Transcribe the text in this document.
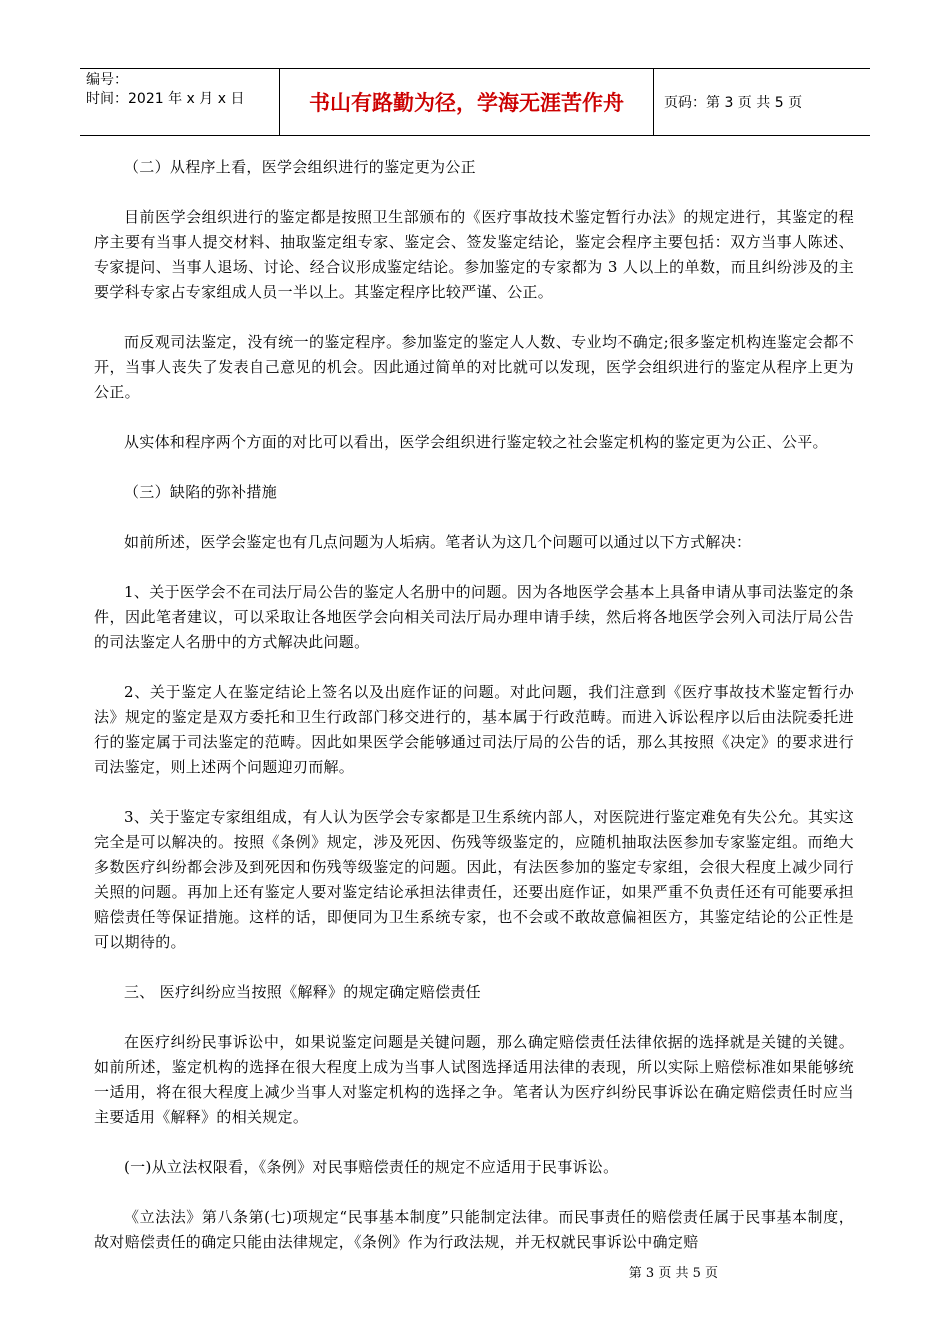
编号：
时间：2021 年 x 月 x 日	书山有路勤为径，学海无涯苦作舟	页码：第 3 页 共 5 页

（二）从程序上看，医学会组织进行的鉴定更为公正

目前医学会组织进行的鉴定都是按照卫生部颁布的《医疗事故技术鉴定暂行办法》的规定进行，其鉴定的程序主要有当事人提交材料、抽取鉴定组专家、鉴定会、签发鉴定结论，鉴定会程序主要包括：双方当事人陈述、专家提问、当事人退场、讨论、经合议形成鉴定结论。参加鉴定的专家都为 3 人以上的单数，而且纠纷涉及的主要学科专家占专家组成人员一半以上。其鉴定程序比较严谨、公正。

而反观司法鉴定，没有统一的鉴定程序。参加鉴定的鉴定人人数、专业均不确定;很多鉴定机构连鉴定会都不开，当事人丧失了发表自己意见的机会。因此通过简单的对比就可以发现，医学会组织进行的鉴定从程序上更为公正。

从实体和程序两个方面的对比可以看出，医学会组织进行鉴定较之社会鉴定机构的鉴定更为公正、公平。

（三）缺陷的弥补措施

如前所述，医学会鉴定也有几点问题为人垢病。笔者认为这几个问题可以通过以下方式解决：

1、关于医学会不在司法厅局公告的鉴定人名册中的问题。因为各地医学会基本上具备申请从事司法鉴定的条件，因此笔者建议，可以采取让各地医学会向相关司法厅局办理申请手续，然后将各地医学会列入司法厅局公告的司法鉴定人名册中的方式解决此问题。

2、关于鉴定人在鉴定结论上签名以及出庭作证的问题。对此问题，我们注意到《医疗事故技术鉴定暂行办法》规定的鉴定是双方委托和卫生行政部门移交进行的，基本属于行政范畴。而进入诉讼程序以后由法院委托进行的鉴定属于司法鉴定的范畴。因此如果医学会能够通过司法厅局的公告的话，那么其按照《决定》的要求进行司法鉴定，则上述两个问题迎刃而解。

3、关于鉴定专家组组成，有人认为医学会专家都是卫生系统内部人，对医院进行鉴定难免有失公允。其实这完全是可以解决的。按照《条例》规定，涉及死因、伤残等级鉴定的，应随机抽取法医参加专家鉴定组。而绝大多数医疗纠纷都会涉及到死因和伤残等级鉴定的问题。因此，有法医参加的鉴定专家组，会很大程度上减少同行关照的问题。再加上还有鉴定人要对鉴定结论承担法律责任，还要出庭作证，如果严重不负责任还有可能要承担赔偿责任等保证措施。这样的话，即便同为卫生系统专家，也不会或不敢故意偏袒医方，其鉴定结论的公正性是可以期待的。

三、 医疗纠纷应当按照《解释》的规定确定赔偿责任

在医疗纠纷民事诉讼中，如果说鉴定问题是关键问题，那么确定赔偿责任法律依据的选择就是关键的关键。如前所述，鉴定机构的选择在很大程度上成为当事人试图选择适用法律的表现，所以实际上赔偿标准如果能够统一适用，将在很大程度上减少当事人对鉴定机构的选择之争。笔者认为医疗纠纷民事诉讼在确定赔偿责任时应当主要适用《解释》的相关规定。

(一)从立法权限看，《条例》对民事赔偿责任的规定不应适用于民事诉讼。

《立法法》第八条第(七)项规定“民事基本制度”只能制定法律。而民事责任的赔偿责任属于民事基本制度，故对赔偿责任的确定只能由法律规定，《条例》作为行政法规，并无权就民事诉讼中确定赔

第 3 页 共 5 页
